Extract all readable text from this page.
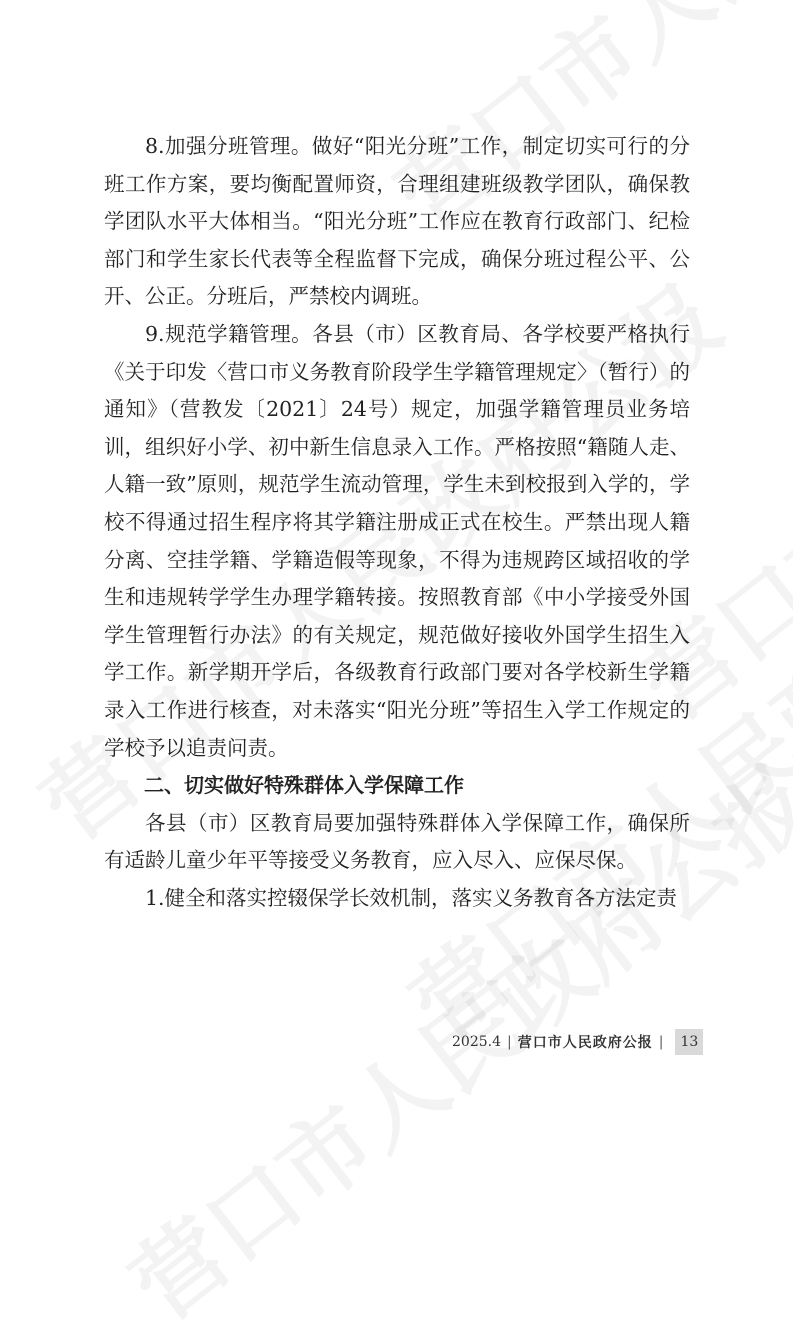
8.加强分班管理。做好“阳光分班”工作，制定切实可行的分班工作方案，要均衡配置师资，合理组建班级教学团队，确保教学团队水平大体相当。“阳光分班”工作应在教育行政部门、纪检部门和学生家长代表等全程监督下完成，确保分班过程公平、公开、公正。分班后，严禁校内调班。

9.规范学籍管理。各县（市）区教育局、各学校要严格执行《关于印发〈营口市义务教育阶段学生学籍管理规定〉（暂行）的通知》（营教发〔2021〕24号）规定，加强学籍管理员业务培训，组织好小学、初中新生信息录入工作。严格按照“籍随人走、人籍一致”原则，规范学生流动管理，学生未到校报到入学的，学校不得通过招生程序将其学籍注册成正式在校生。严禁出现人籍分离、空挂学籍、学籍造假等现象，不得为违规跨区域招收的学生和违规转学学生办理学籍转接。按照教育部《中小学接受外国学生管理暂行办法》的有关规定，规范做好接收外国学生招生入学工作。新学期开学后，各级教育行政部门要对各学校新生学籍录入工作进行核查，对未落实“阳光分班”等招生入学工作规定的学校予以追责问责。

二、切实做好特殊群体入学保障工作

各县（市）区教育局要加强特殊群体入学保障工作，确保所有适龄儿童少年平等接受义务教育，应入尽入、应保尽保。

1.健全和落实控辍保学长效机制，落实义务教育各方法定责

2025.4 | 营口市人民政府公报 |	13
